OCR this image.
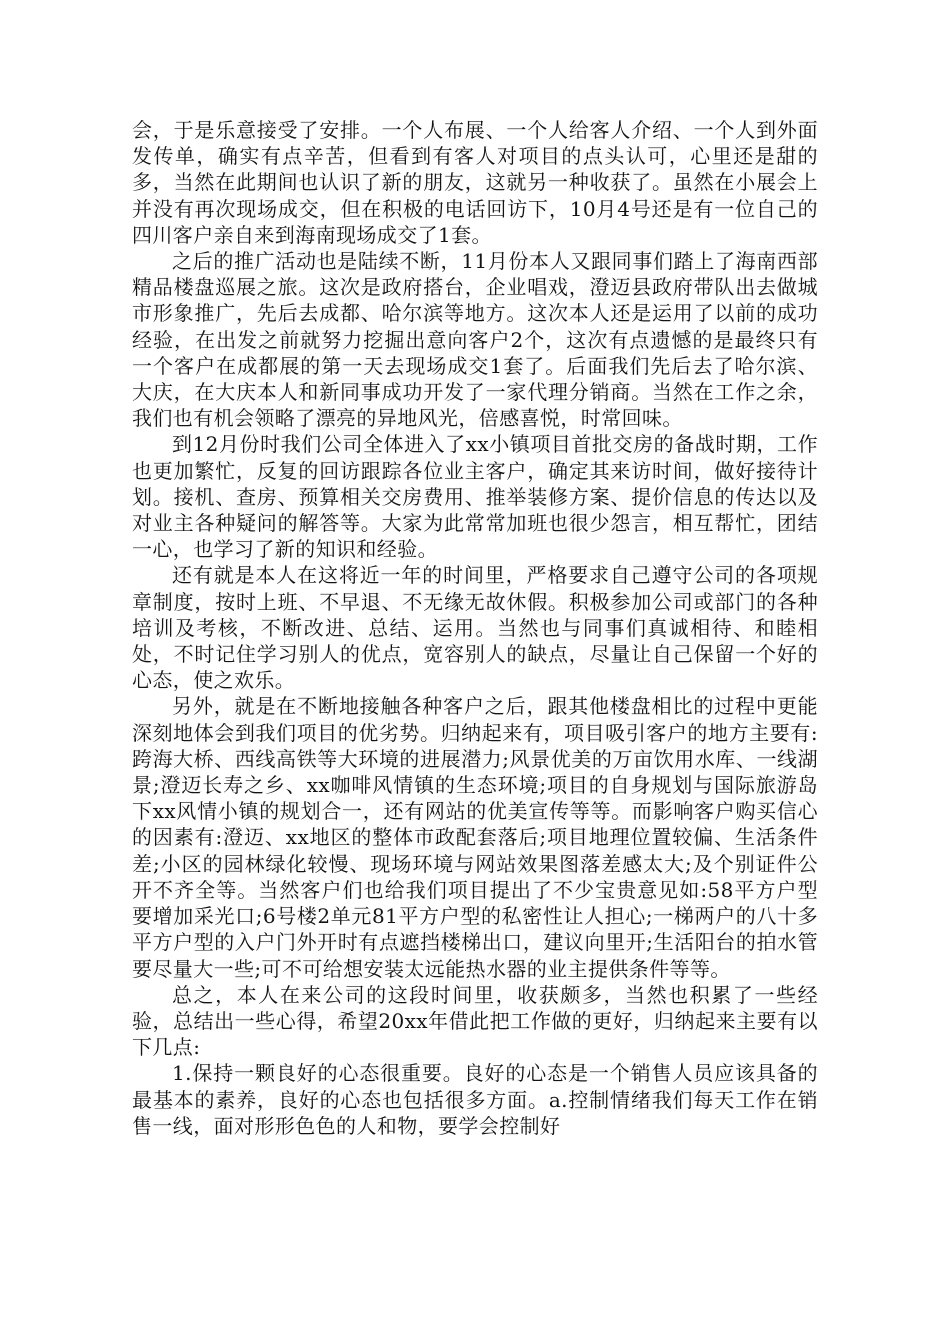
会，于是乐意接受了安排。一个人布展、一个人给客人介绍、一个人到外面发传单，确实有点辛苦，但看到有客人对项目的点头认可，心里还是甜的多，当然在此期间也认识了新的朋友，这就另一种收获了。虽然在小展会上并没有再次现场成交，但在积极的电话回访下，10月4号还是有一位自己的四川客户亲自来到海南现场成交了1套。

之后的推广活动也是陆续不断，11月份本人又跟同事们踏上了海南西部精品楼盘巡展之旅。这次是政府搭台，企业唱戏，澄迈县政府带队出去做城市形象推广，先后去成都、哈尔滨等地方。这次本人还是运用了以前的成功经验，在出发之前就努力挖掘出意向客户2个，这次有点遗憾的是最终只有一个客户在成都展的第一天去现场成交1套了。后面我们先后去了哈尔滨、大庆，在大庆本人和新同事成功开发了一家代理分销商。当然在工作之余，我们也有机会领略了漂亮的异地风光，倍感喜悦，时常回味。

到12月份时我们公司全体进入了xx小镇项目首批交房的备战时期，工作也更加繁忙，反复的回访跟踪各位业主客户，确定其来访时间，做好接待计划。接机、查房、预算相关交房费用、推举装修方案、提价信息的传达以及对业主各种疑问的解答等。大家为此常常加班也很少怨言，相互帮忙，团结一心，也学习了新的知识和经验。

还有就是本人在这将近一年的时间里，严格要求自己遵守公司的各项规章制度，按时上班、不早退、不无缘无故休假。积极参加公司或部门的各种培训及考核，不断改进、总结、运用。当然也与同事们真诚相待、和睦相处，不时记住学习别人的优点，宽容别人的缺点，尽量让自己保留一个好的心态，使之欢乐。

另外，就是在不断地接触各种客户之后，跟其他楼盘相比的过程中更能深刻地体会到我们项目的优劣势。归纳起来有，项目吸引客户的地方主要有:跨海大桥、西线高铁等大环境的进展潜力;风景优美的万亩饮用水库、一线湖景;澄迈长寿之乡、xx咖啡风情镇的生态环境;项目的自身规划与国际旅游岛下xx风情小镇的规划合一，还有网站的优美宣传等等。而影响客户购买信心的因素有:澄迈、xx地区的整体市政配套落后;项目地理位置较偏、生活条件差;小区的园林绿化较慢、现场环境与网站效果图落差感太大;及个别证件公开不齐全等。当然客户们也给我们项目提出了不少宝贵意见如:58平方户型要增加采光口;6号楼2单元81平方户型的私密性让人担心;一梯两户的八十多平方户型的入户门外开时有点遮挡楼梯出口，建议向里开;生活阳台的拍水管要尽量大一些;可不可给想安装太远能热水器的业主提供条件等等。

总之，本人在来公司的这段时间里，收获颇多，当然也积累了一些经验，总结出一些心得，希望20xx年借此把工作做的更好，归纳起来主要有以下几点:

1.保持一颗良好的心态很重要。良好的心态是一个销售人员应该具备的最基本的素养，良好的心态也包括很多方面。a.控制情绪我们每天工作在销售一线，面对形形色色的人和物，要学会控制好
